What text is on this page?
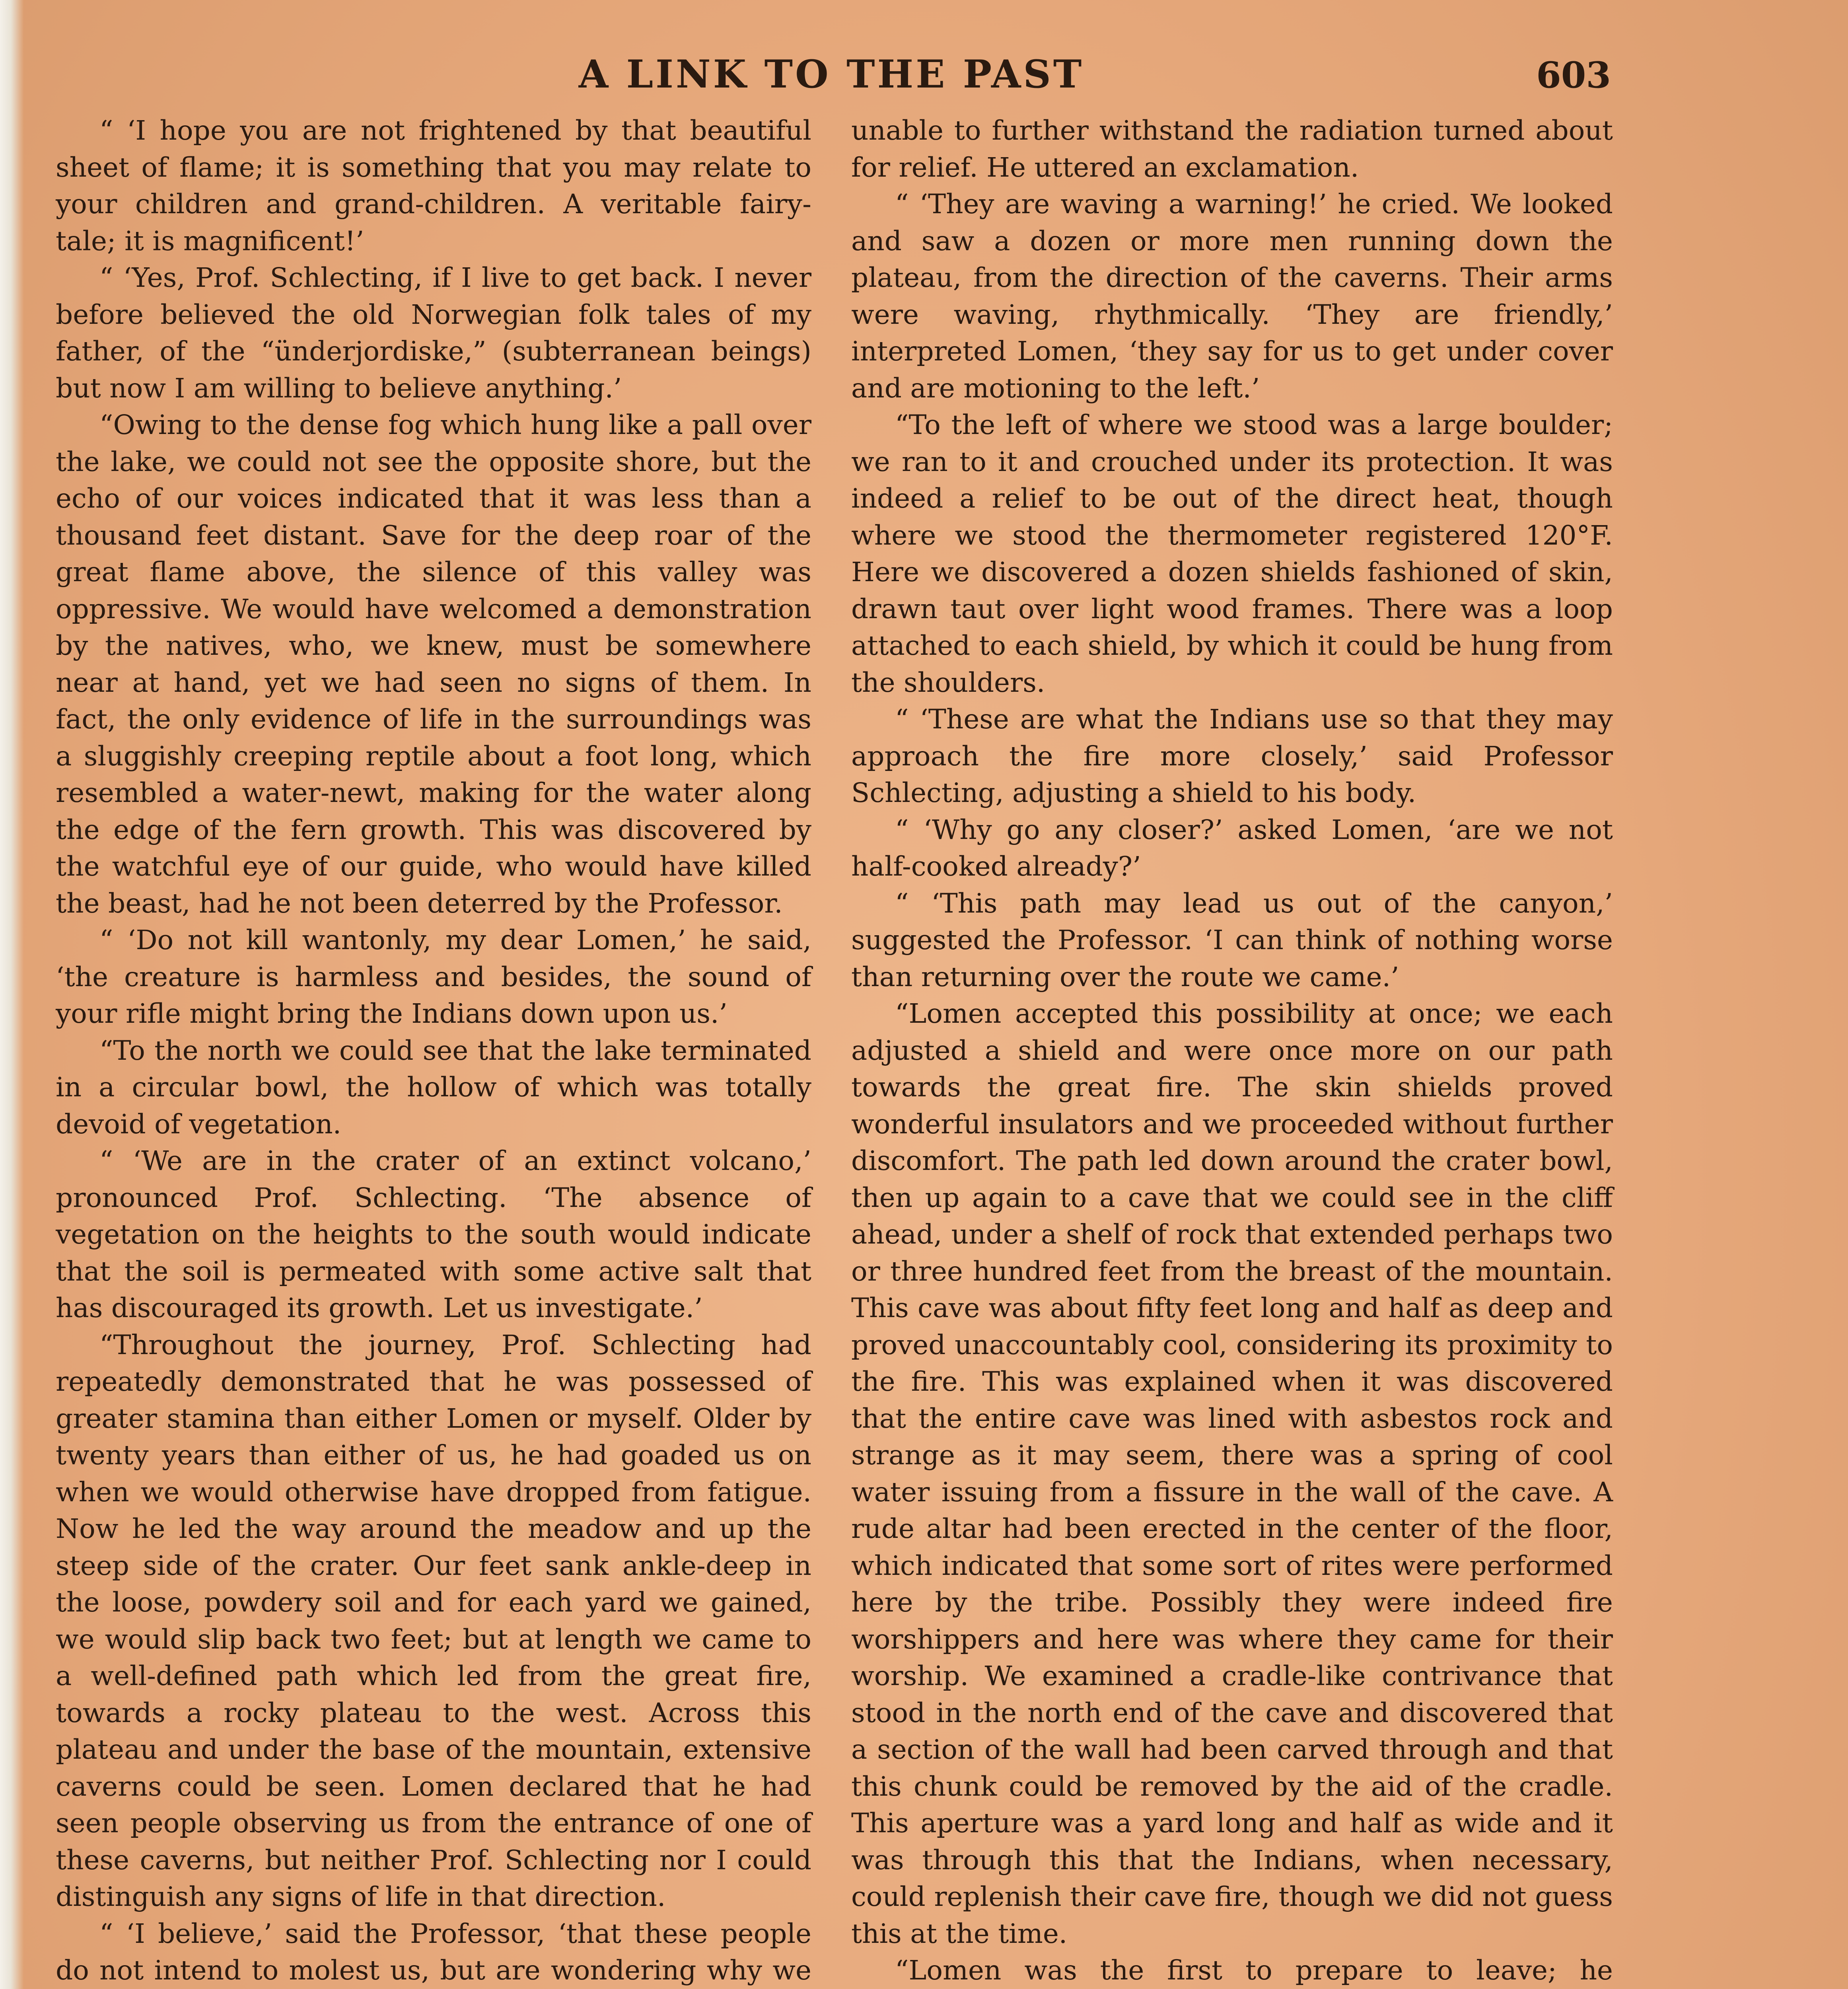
A LINK TO THE PAST	603

“ ‘I hope you are not frightened by that beautiful sheet of flame; it is something that you may relate to your children and grand-children. A veritable fairy-tale; it is magnificent!’

“ ‘Yes, Prof. Schlecting, if I live to get back. I never before believed the old Norwegian folk tales of my father, of the “ünderjordiske,” (subterranean beings) but now I am willing to believe anything.’

“Owing to the dense fog which hung like a pall over the lake, we could not see the opposite shore, but the echo of our voices indicated that it was less than a thousand feet distant. Save for the deep roar of the great flame above, the silence of this valley was oppressive. We would have welcomed a demonstration by the natives, who, we knew, must be somewhere near at hand, yet we had seen no signs of them. In fact, the only evidence of life in the surroundings was a sluggishly creeping reptile about a foot long, which resembled a water-newt, making for the water along the edge of the fern growth. This was discovered by the watchful eye of our guide, who would have killed the beast, had he not been deterred by the Professor.

“ ‘Do not kill wantonly, my dear Lomen,’ he said, ‘the creature is harmless and besides, the sound of your rifle might bring the Indians down upon us.’

“To the north we could see that the lake terminated in a circular bowl, the hollow of which was totally devoid of vegetation.

“ ‘We are in the crater of an extinct volcano,’ pronounced Prof. Schlecting. ‘The absence of vegetation on the heights to the south would indicate that the soil is permeated with some active salt that has discouraged its growth. Let us investigate.’

“Throughout the journey, Prof. Schlecting had repeatedly demonstrated that he was possessed of greater stamina than either Lomen or myself. Older by twenty years than either of us, he had goaded us on when we would otherwise have dropped from fatigue. Now he led the way around the meadow and up the steep side of the crater. Our feet sank ankle-deep in the loose, powdery soil and for each yard we gained, we would slip back two feet; but at length we came to a well-defined path which led from the great fire, towards a rocky plateau to the west. Across this plateau and under the base of the mountain, extensive caverns could be seen. Lomen declared that he had seen people observing us from the entrance of one of these caverns, but neither Prof. Schlecting nor I could distinguish any signs of life in that direction.

“ ‘I believe,’ said the Professor, ‘that these people do not intend to molest us, but are wondering why we

unable to further withstand the radiation turned about for relief. He uttered an exclamation.

“ ‘They are waving a warning!’ he cried. We looked and saw a dozen or more men running down the plateau, from the direction of the caverns. Their arms were waving, rhythmically. ‘They are friendly,’ interpreted Lomen, ‘they say for us to get under cover and are motioning to the left.’

“To the left of where we stood was a large boulder; we ran to it and crouched under its protection. It was indeed a relief to be out of the direct heat, though where we stood the thermometer registered 120°F. Here we discovered a dozen shields fashioned of skin, drawn taut over light wood frames. There was a loop attached to each shield, by which it could be hung from the shoulders.

“ ‘These are what the Indians use so that they may approach the fire more closely,’ said Professor Schlecting, adjusting a shield to his body.

“ ‘Why go any closer?’ asked Lomen, ‘are we not half-cooked already?’

“ ‘This path may lead us out of the canyon,’ suggested the Professor. ‘I can think of nothing worse than returning over the route we came.’

“Lomen accepted this possibility at once; we each adjusted a shield and were once more on our path towards the great fire. The skin shields proved wonderful insulators and we proceeded without further discomfort. The path led down around the crater bowl, then up again to a cave that we could see in the cliff ahead, under a shelf of rock that extended perhaps two or three hundred feet from the breast of the mountain. This cave was about fifty feet long and half as deep and proved unaccountably cool, considering its proximity to the fire. This was explained when it was discovered that the entire cave was lined with asbestos rock and strange as it may seem, there was a spring of cool water issuing from a fissure in the wall of the cave. A rude altar had been erected in the center of the floor, which indicated that some sort of rites were performed here by the tribe. Possibly they were indeed fire worshippers and here was where they came for their worship. We examined a cradle-like contrivance that stood in the north end of the cave and discovered that a section of the wall had been carved through and that this chunk could be removed by the aid of the cradle. This aperture was a yard long and half as wide and it was through this that the Indians, when necessary, could replenish their cave fire, though we did not guess this at the time.

“Lomen was the first to prepare to leave; he
